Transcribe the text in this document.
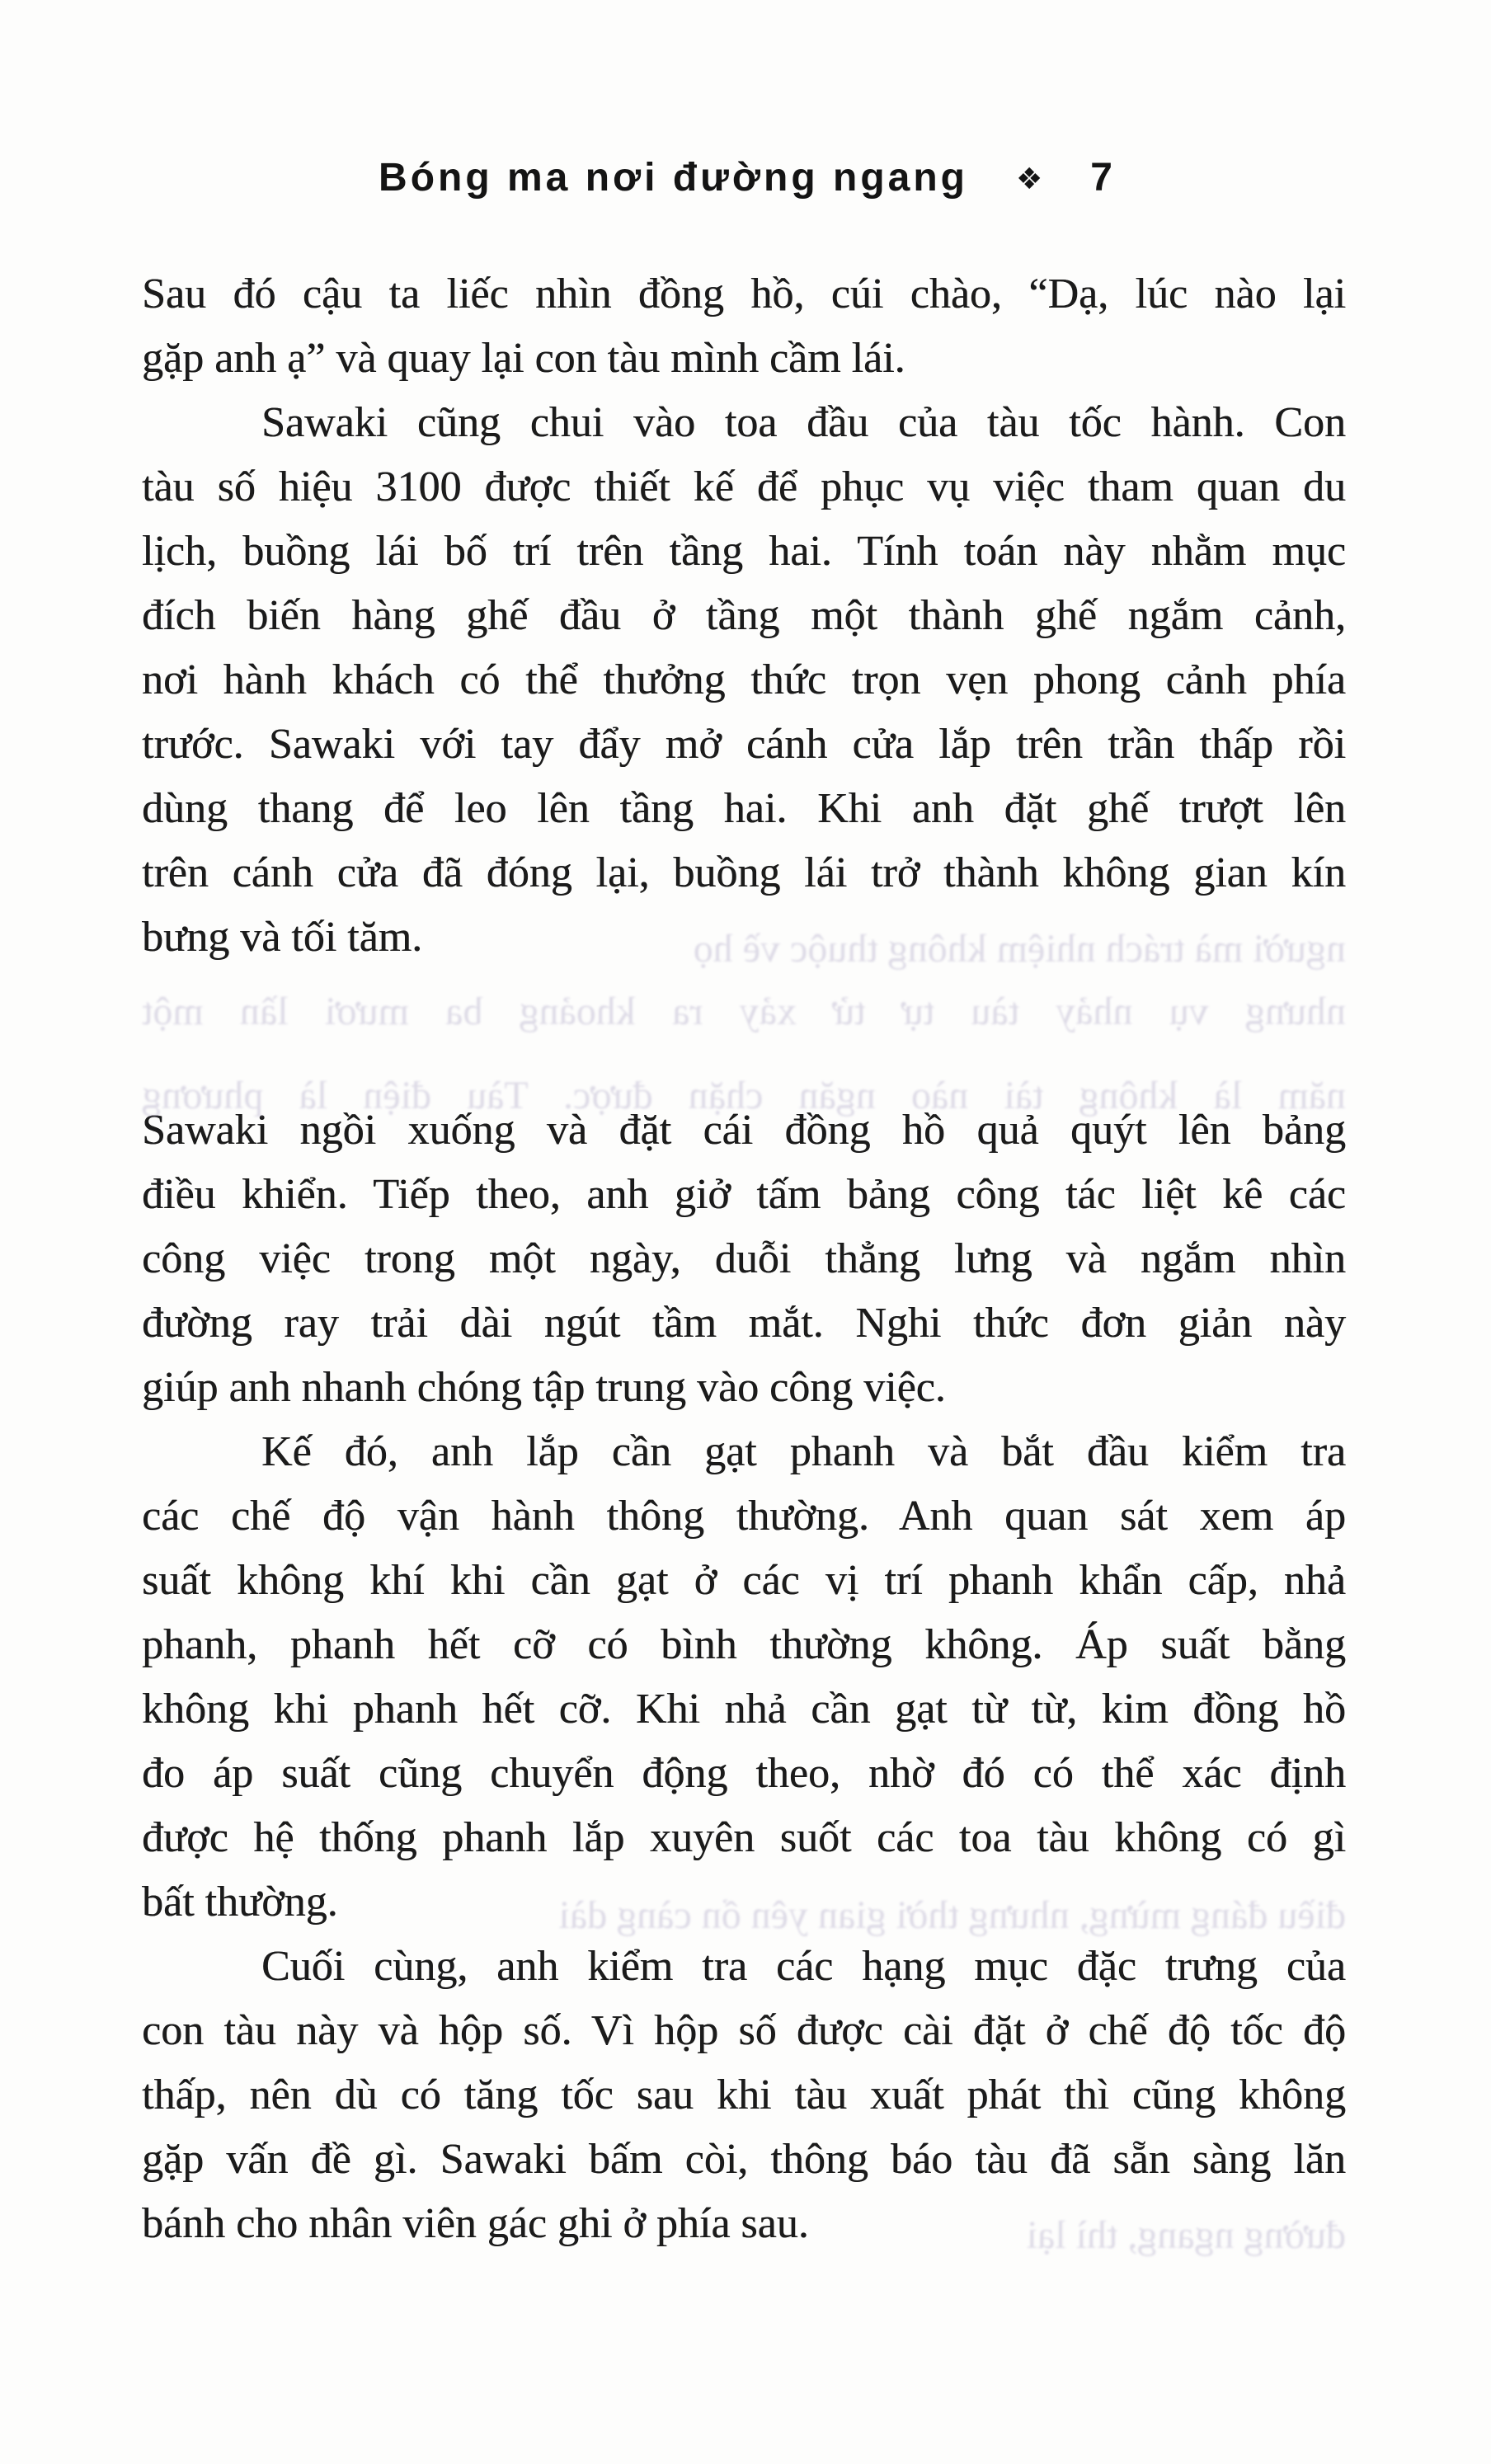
Bóng ma nơi đường ngang ❖ 7
Sau đó cậu ta liếc nhìn đồng hồ, cúi chào, “Dạ, lúc nào lại
gặp anh ạ” và quay lại con tàu mình cầm lái.
Sawaki cũng chui vào toa đầu của tàu tốc hành. Con
tàu số hiệu 3100 được thiết kế để phục vụ việc tham quan du
lịch, buồng lái bố trí trên tầng hai. Tính toán này nhằm mục
đích biến hàng ghế đầu ở tầng một thành ghế ngắm cảnh,
nơi hành khách có thể thưởng thức trọn vẹn phong cảnh phía
trước. Sawaki với tay đẩy mở cánh cửa lắp trên trần thấp rồi
dùng thang để leo lên tầng hai. Khi anh đặt ghế trượt lên
trên cánh cửa đã đóng lại, buồng lái trở thành không gian kín
bưng và tối tăm.
Sawaki ngồi xuống và đặt cái đồng hồ quả quýt lên bảng
điều khiển. Tiếp theo, anh giở tấm bảng công tác liệt kê các
công việc trong một ngày, duỗi thẳng lưng và ngắm nhìn
đường ray trải dài ngút tầm mắt. Nghi thức đơn giản này
giúp anh nhanh chóng tập trung vào công việc.
Kế đó, anh lắp cần gạt phanh và bắt đầu kiểm tra
các chế độ vận hành thông thường. Anh quan sát xem áp
suất không khí khi cần gạt ở các vị trí phanh khẩn cấp, nhả
phanh, phanh hết cỡ có bình thường không. Áp suất bằng
không khi phanh hết cỡ. Khi nhả cần gạt từ từ, kim đồng hồ
đo áp suất cũng chuyển động theo, nhờ đó có thể xác định
được hệ thống phanh lắp xuyên suốt các toa tàu không có gì
bất thường.
Cuối cùng, anh kiểm tra các hạng mục đặc trưng của
con tàu này và hộp số. Vì hộp số được cài đặt ở chế độ tốc độ
thấp, nên dù có tăng tốc sau khi tàu xuất phát thì cũng không
gặp vấn đề gì. Sawaki bấm còi, thông báo tàu đã sẵn sàng lăn
bánh cho nhân viên gác ghi ở phía sau.
người mà trách nhiệm không thuộc về họ
nhưng vụ nhảy tàu tự tử xảy ra khoảng ba mươi lần một
năm là không tài nào ngăn chặn được. Tàu điện là phương
điều đáng mừng, nhưng thời gian yên ổn càng dài
đường ngang, thì lại
